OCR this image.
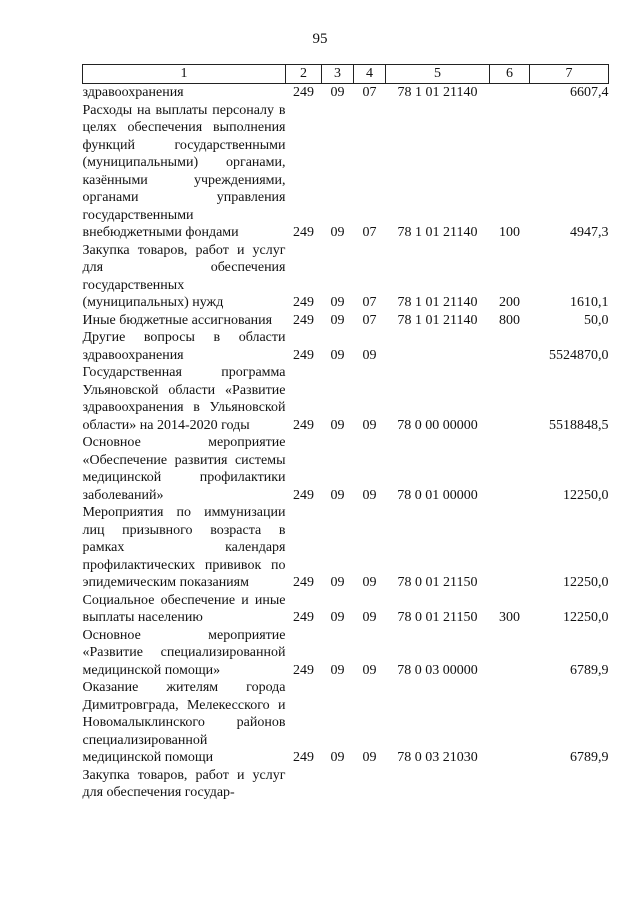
95
1	2	3	4	5	6	7
здравоохранения	249	09	07	78 1 01 21140		6607,4
Расходы на выплаты персоналу в целях обеспечения выполнения функций государственными (муниципальными) органами, казёнными учреждениями, органами управления государственными внебюджетными фондами	249	09	07	78 1 01 21140	100	4947,3
Закупка товаров, работ и услуг для обеспечения государственных (муниципальных) нужд	249	09	07	78 1 01 21140	200	1610,1
Иные бюджетные ассигнования	249	09	07	78 1 01 21140	800	50,0
Другие вопросы в области здравоохранения	249	09	09			5524870,0
Государственная программа Ульяновской области «Развитие здравоохранения в Ульяновской области» на 2014-2020 годы	249	09	09	78 0 00 00000		5518848,5
Основное мероприятие «Обеспечение развития системы медицинской профилактики заболеваний»	249	09	09	78 0 01 00000		12250,0
Мероприятия по иммунизации лиц призывного возраста в рамках календаря профилактических прививок по эпидемическим показаниям	249	09	09	78 0 01 21150		12250,0
Социальное обеспечение и иные выплаты населению	249	09	09	78 0 01 21150	300	12250,0
Основное мероприятие «Развитие специализированной медицинской помощи»	249	09	09	78 0 03 00000		6789,9
Оказание жителям города Димитровграда, Мелекесского и Новомалыклинского районов специализированной медицинской помощи	249	09	09	78 0 03 21030		6789,9
Закупка товаров, работ и услуг для обеспечения государ-						
